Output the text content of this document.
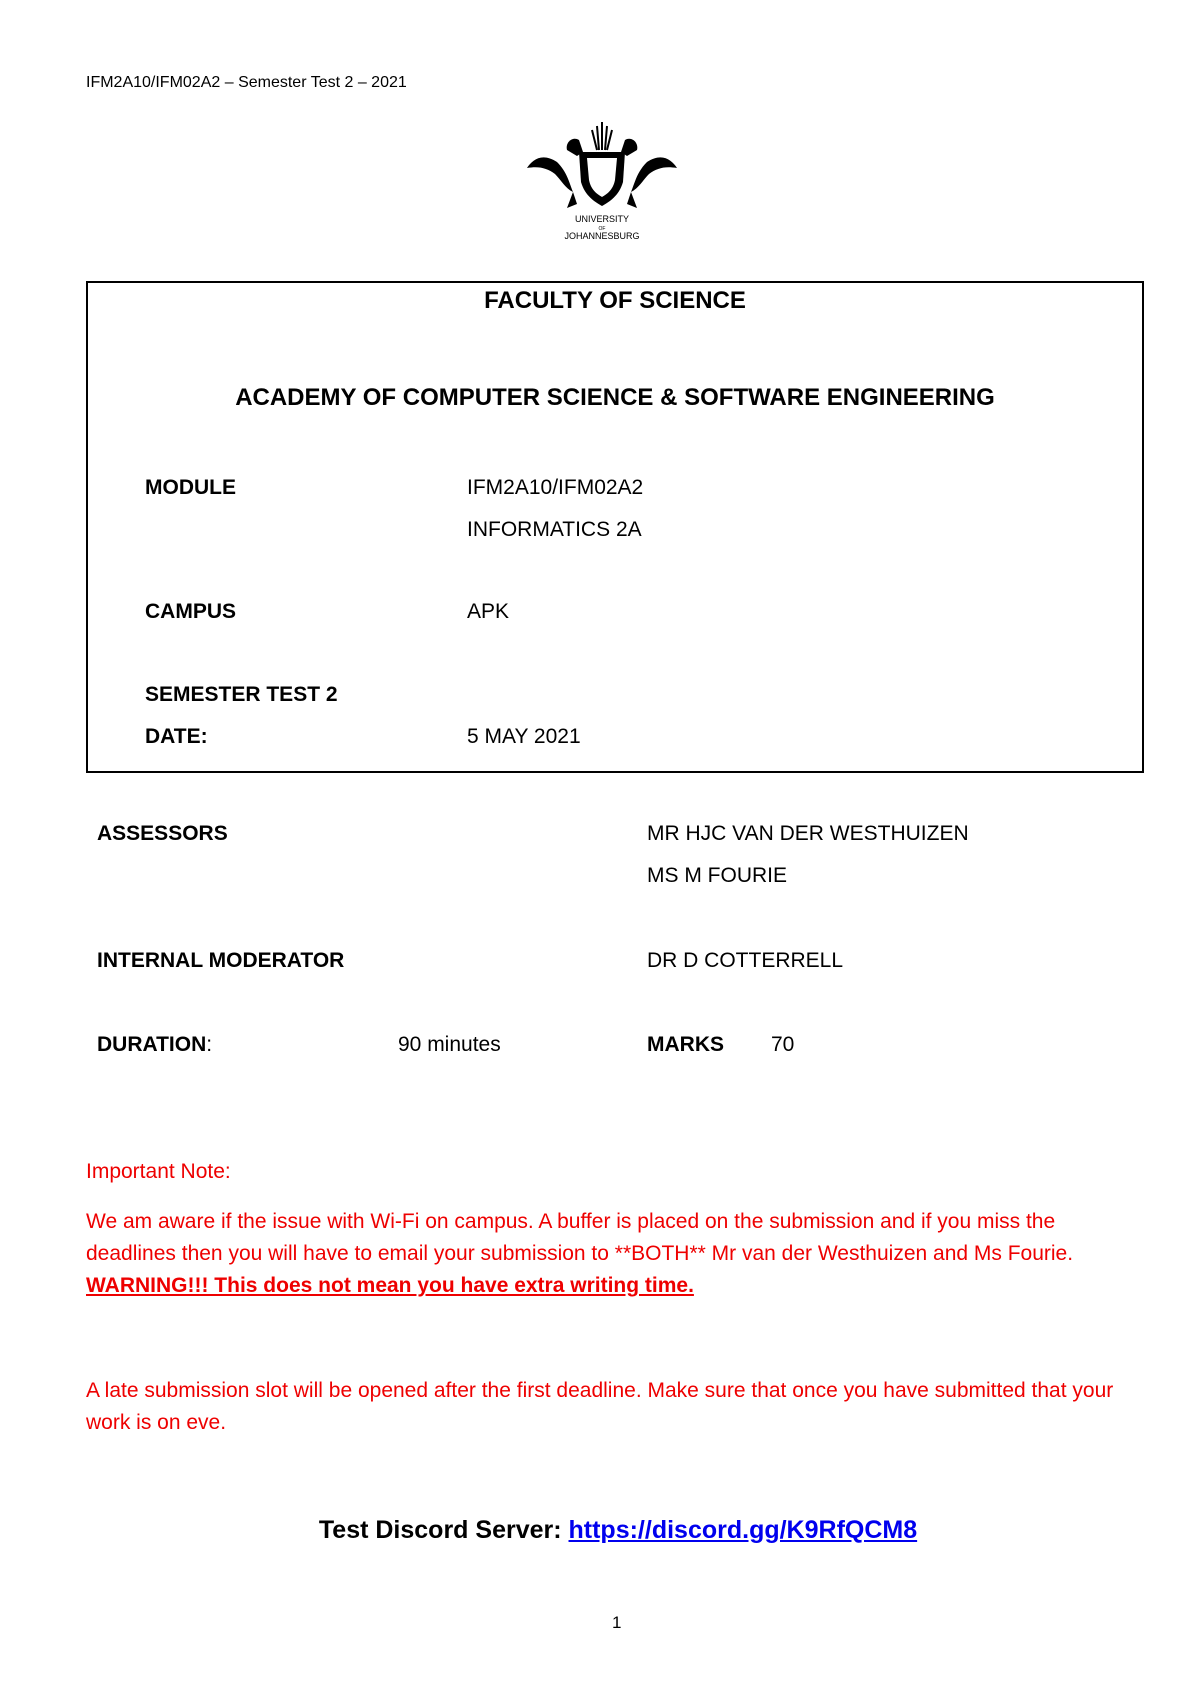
IFM2A10/IFM02A2 – Semester Test 2 – 2021
UNIVERSITY
OF
JOHANNESBURG
FACULTY OF SCIENCE
ACADEMY OF COMPUTER SCIENCE & SOFTWARE ENGINEERING
MODULE	IFM2A10/IFM02A2
INFORMATICS 2A
CAMPUS	APK
SEMESTER TEST 2
DATE:	5 MAY 2021
ASSESSORS	MR HJC VAN DER WESTHUIZEN
MS M FOURIE
INTERNAL MODERATOR	DR D COTTERRELL
DURATION:	90 minutes	MARKS 70
Important Note:
We am aware if the issue with Wi-Fi on campus. A buffer is placed on the submission and if you miss the deadlines then you will have to email your submission to **BOTH** Mr van der Westhuizen and Ms Fourie. WARNING!!! This does not mean you have extra writing time.
A late submission slot will be opened after the first deadline. Make sure that once you have submitted that your work is on eve.
Test Discord Server: https://discord.gg/K9RfQCM8
1
